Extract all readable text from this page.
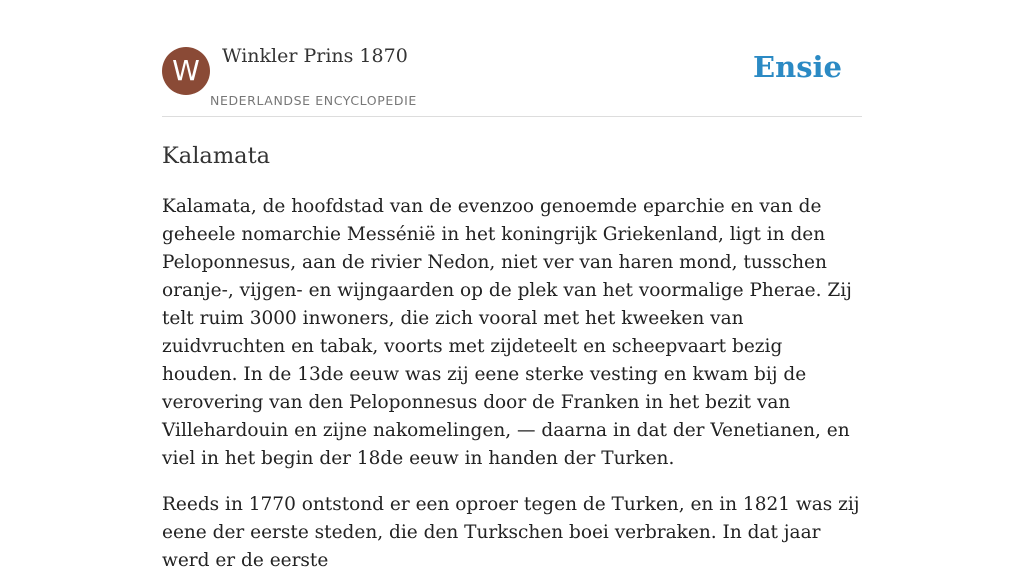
W	Winkler Prins 1870
NEDERLANDSE ENCYCLOPEDIE
Ensie
Kalamata

Kalamata, de hoofdstad van de evenzoo genoemde eparchie en van de geheele nomarchie Messénië in het koningrijk Griekenland, ligt in den Peloponnesus, aan de rivier Nedon, niet ver van haren mond, tusschen oranje-, vijgen- en wijngaarden op de plek van het voormalige Pherae. Zij telt ruim 3000 inwoners, die zich vooral met het kweeken van zuidvruchten en tabak, voorts met zijdeteelt en scheepvaart bezig houden. In de 13de eeuw was zij eene sterke vesting en kwam bij de verovering van den Peloponnesus door de Franken in het bezit van Villehardouin en zijne nakomelingen, — daarna in dat der Venetianen, en viel in het begin der 18de eeuw in handen der Turken.

Reeds in 1770 ontstond er een oproer tegen de Turken, en in 1821 was zij eene der eerste steden, die den Turkschen boei verbraken. In dat jaar werd er de eerste
